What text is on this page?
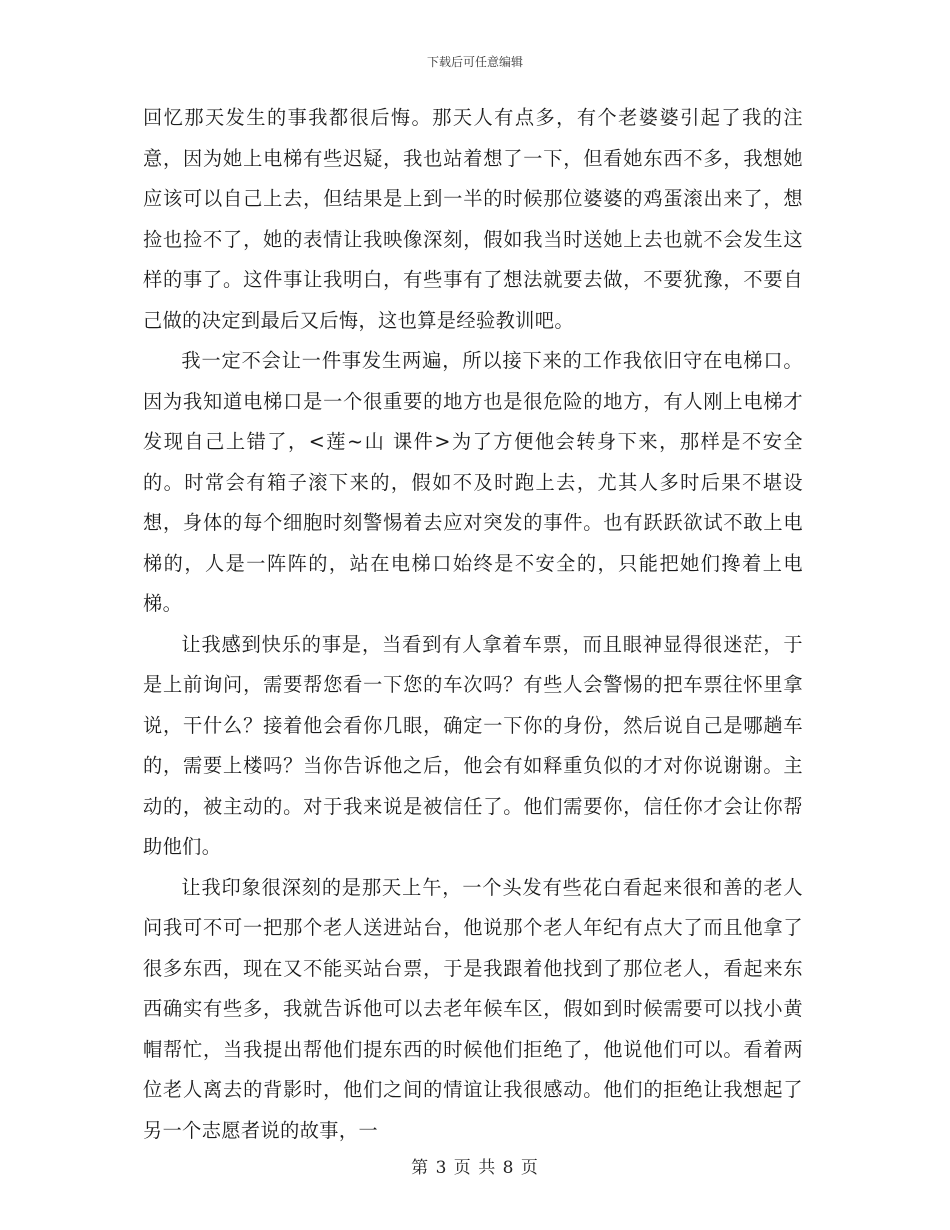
下载后可任意编辑

回忆那天发生的事我都很后悔。那天人有点多，有个老婆婆引起了我的注意，因为她上电梯有些迟疑，我也站着想了一下，但看她东西不多，我想她应该可以自己上去，但结果是上到一半的时候那位婆婆的鸡蛋滚出来了，想捡也捡不了，她的表情让我映像深刻，假如我当时送她上去也就不会发生这样的事了。这件事让我明白，有些事有了想法就要去做，不要犹豫，不要自己做的决定到最后又后悔，这也算是经验教训吧。

我一定不会让一件事发生两遍，所以接下来的工作我依旧守在电梯口。因为我知道电梯口是一个很重要的地方也是很危险的地方，有人刚上电梯才发现自己上错了，<莲~山 课件>为了方便他会转身下来，那样是不安全的。时常会有箱子滚下来的，假如不及时跑上去，尤其人多时后果不堪设想，身体的每个细胞时刻警惕着去应对突发的事件。也有跃跃欲试不敢上电梯的，人是一阵阵的，站在电梯口始终是不安全的，只能把她们搀着上电梯。

让我感到快乐的事是，当看到有人拿着车票，而且眼神显得很迷茫，于是上前询问，需要帮您看一下您的车次吗？有些人会警惕的把车票往怀里拿说，干什么？接着他会看你几眼，确定一下你的身份，然后说自己是哪趟车的，需要上楼吗？当你告诉他之后，他会有如释重负似的才对你说谢谢。主动的，被主动的。对于我来说是被信任了。他们需要你，信任你才会让你帮助他们。

让我印象很深刻的是那天上午，一个头发有些花白看起来很和善的老人问我可不可一把那个老人送进站台，他说那个老人年纪有点大了而且他拿了很多东西，现在又不能买站台票，于是我跟着他找到了那位老人，看起来东西确实有些多，我就告诉他可以去老年候车区，假如到时候需要可以找小黄帽帮忙，当我提出帮他们提东西的时候他们拒绝了，他说他们可以。看着两位老人离去的背影时，他们之间的情谊让我很感动。他们的拒绝让我想起了另一个志愿者说的故事，一

第 3 页 共 8 页
